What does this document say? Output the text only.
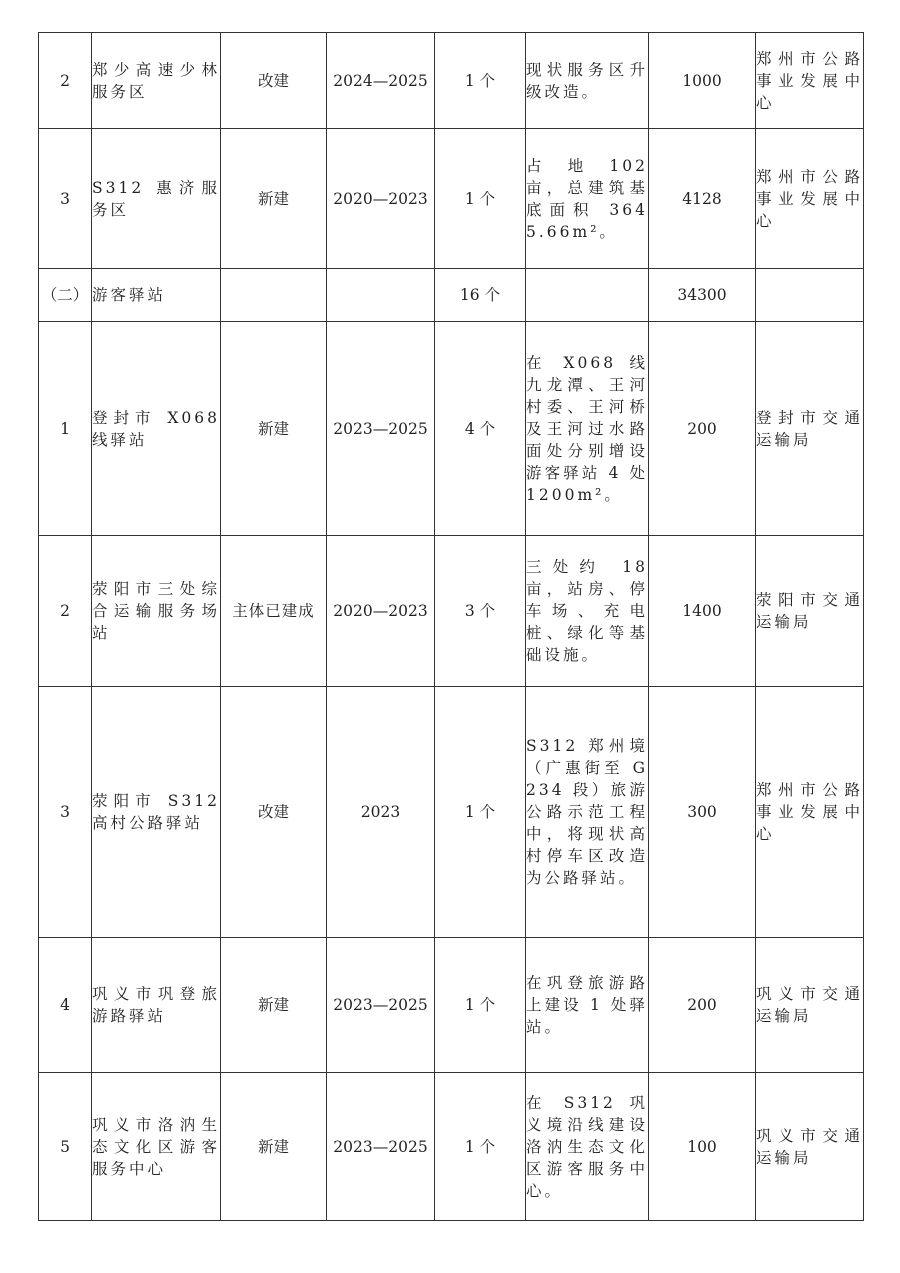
2	郑少高速少林服务区	改建	2024—2025	1 个	现状服务区升级改造。	1000	郑州市公路事业发展中心
3	S312 惠济服务区	新建	2020—2023	1 个	占 地 102 亩，总建筑基底面积 3645.66m²。	4128	郑州市公路事业发展中心
（二）	游客驿站			16 个		34300	
1	登封市 X068 线驿站	新建	2023—2025	4 个	在 X068 线九龙潭、王河村委、王河桥及王河过水路面处分别增设游客驿站 4 处 1200m²。	200	登封市交通运输局
2	荥阳市三处综合运输服务场站	主体已建成	2020—2023	3 个	三处约 18 亩，站房、停车场、充电桩、绿化等基础设施。	1400	荥阳市交通运输局
3	荥阳市 S312 高村公路驿站	改建	2023	1 个	S312 郑州境（广惠街至 G234 段）旅游公路示范工程中，将现状高村停车区改造为公路驿站。	300	郑州市公路事业发展中心
4	巩义市巩登旅游路驿站	新建	2023—2025	1 个	在巩登旅游路上建设 1 处驿站。	200	巩义市交通运输局
5	巩义市洛汭生态文化区游客服务中心	新建	2023—2025	1 个	在 S312 巩义境沿线建设洛汭生态文化区游客服务中心。	100	巩义市交通运输局
